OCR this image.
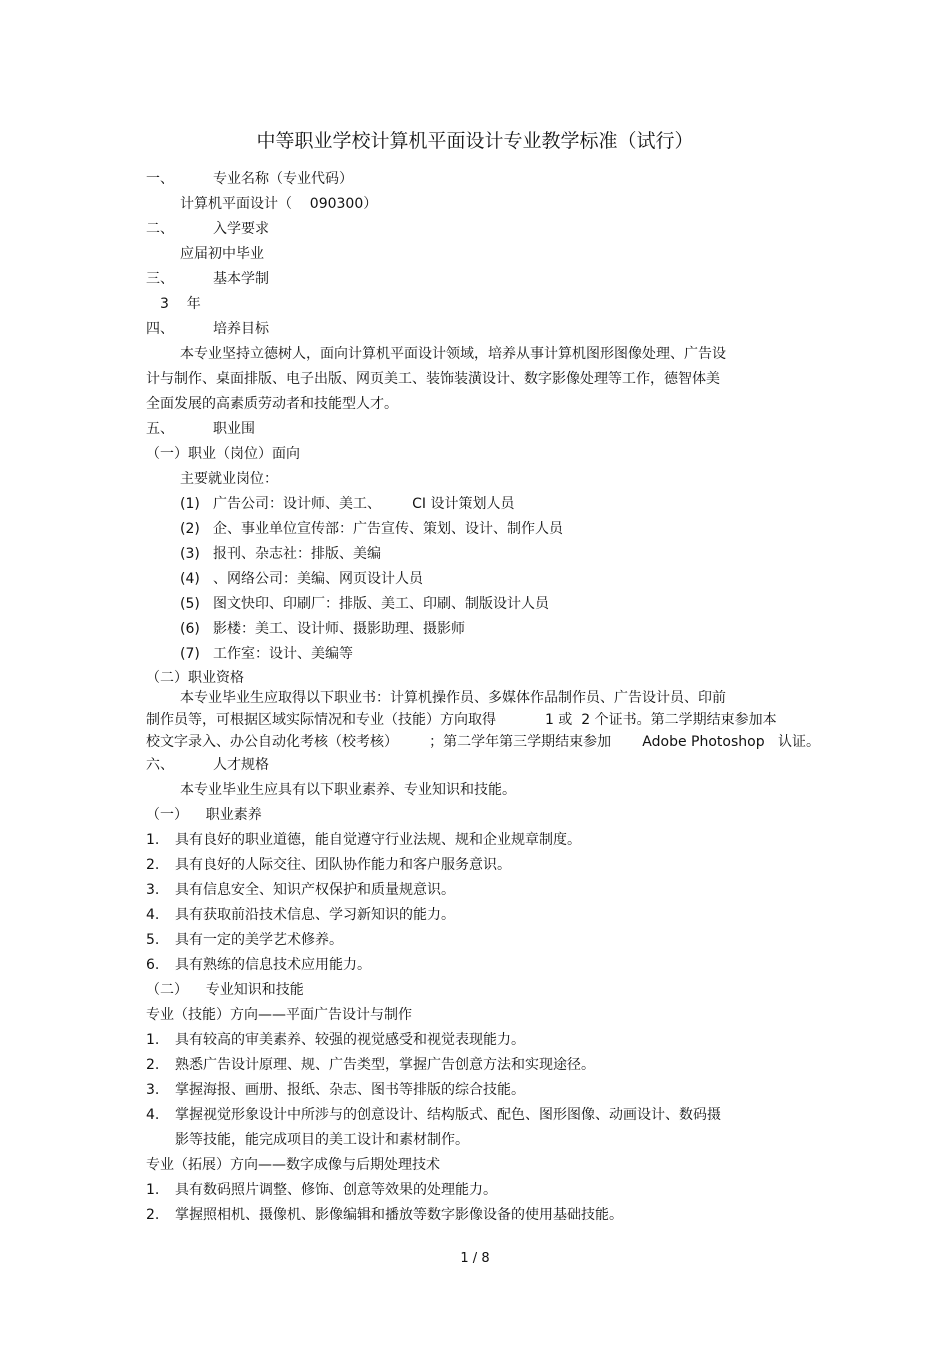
中等职业学校计算机平面设计专业教学标准（试行）
一、	专业名称（专业代码）
计算机平面设计（    090300）
二、	入学要求
应届初中毕业
三、	基本学制
3    年
四、	培养目标
本专业坚持立德树人，面向计算机平面设计领域，培养从事计算机图形图像处理、广告设
计与制作、桌面排版、电子出版、网页美工、装饰装潢设计、数字影像处理等工作，德智体美
全面发展的高素质劳动者和技能型人才。
五、	职业围
（一）职业（岗位）面向
主要就业岗位：
(1) 广告公司：设计师、美工、       CI 设计策划人员
(2) 企、事业单位宣传部：广告宣传、策划、设计、制作人员
(3) 报刊、杂志社：排版、美编
(4) 、网络公司：美编、网页设计人员
(5) 图文快印、印刷厂：排版、美工、印刷、制版设计人员
(6) 影楼：美工、设计师、摄影助理、摄影师
(7) 工作室：设计、美编等
（二）职业资格
本专业毕业生应取得以下职业书：计算机操作员、多媒体作品制作员、广告设计员、印前
制作员等，可根据区域实际情况和专业（技能）方向取得           1 或  2 个证书。第二学期结束参加本
校文字录入、办公自动化考核（校考核）       ；第二学年第三学期结束参加       Adobe Photoshop   认证。
六、	人才规格
本专业毕业生应具有以下职业素养、专业知识和技能。
（一）    职业素养
1. 具有良好的职业道德，能自觉遵守行业法规、规和企业规章制度。
2. 具有良好的人际交往、团队协作能力和客户服务意识。
3. 具有信息安全、知识产权保护和质量规意识。
4. 具有获取前沿技术信息、学习新知识的能力。
5. 具有一定的美学艺术修养。
6. 具有熟练的信息技术应用能力。
（二）    专业知识和技能
专业（技能）方向——平面广告设计与制作
1. 具有较高的审美素养、较强的视觉感受和视觉表现能力。
2. 熟悉广告设计原理、规、广告类型，掌握广告创意方法和实现途径。
3. 掌握海报、画册、报纸、杂志、图书等排版的综合技能。
4. 掌握视觉形象设计中所涉与的创意设计、结构版式、配色、图形图像、动画设计、数码摄
影等技能，能完成项目的美工设计和素材制作。
专业（拓展）方向——数字成像与后期处理技术
1. 具有数码照片调整、修饰、创意等效果的处理能力。
2. 掌握照相机、摄像机、影像编辑和播放等数字影像设备的使用基础技能。
1 / 8
